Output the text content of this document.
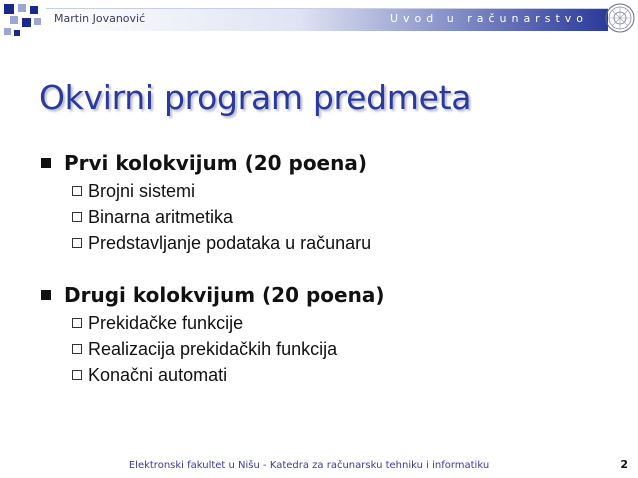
Martin Jovanović	Uvod u računarstvo
Okvirni program predmeta
Prvi kolokvijum (20 poena)
Brojni sistemi
Binarna aritmetika
Predstavljanje podataka u računaru
Drugi kolokvijum (20 poena)
Prekidačke funkcije
Realizacija prekidačkih funkcija
Konačni automati
Elektronski fakultet u Nišu - Katedra za računarsku tehniku i informatiku	2
